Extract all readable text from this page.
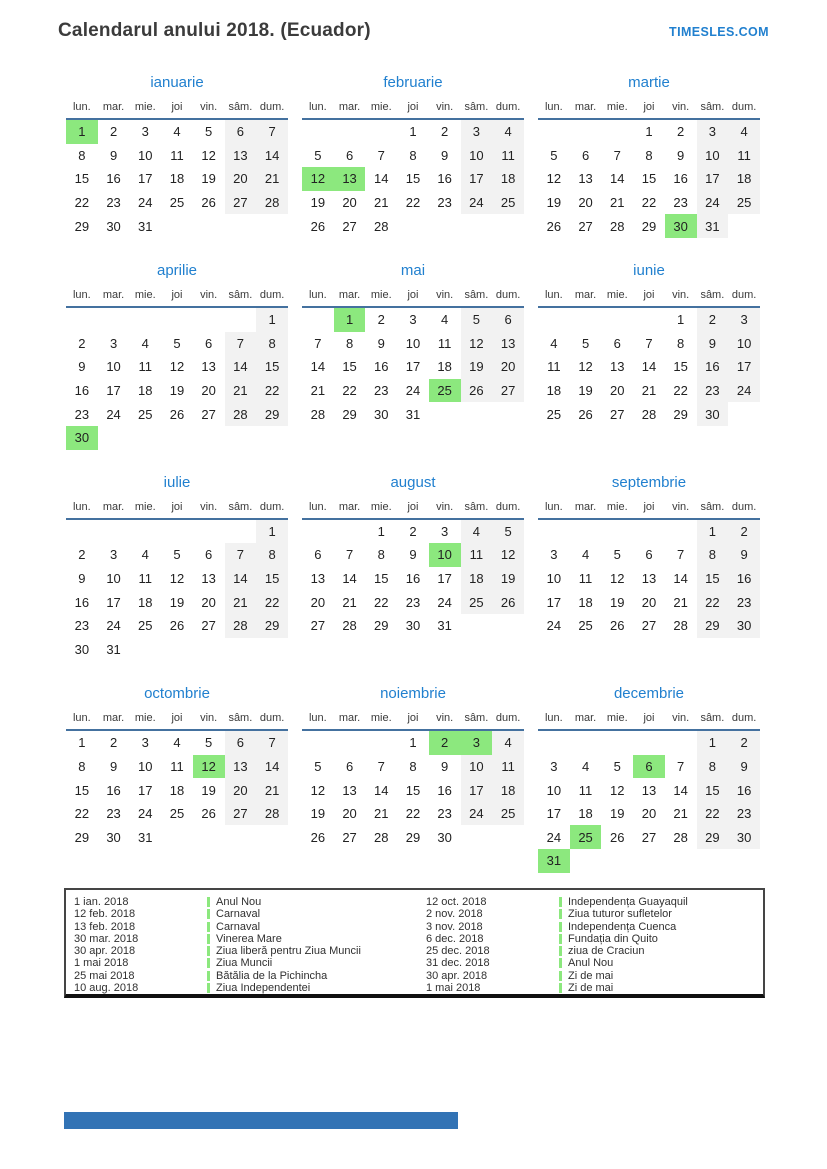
Calendarul anului 2018. (Ecuador)	TIMESLES.COM
ianuarie
lun.	mar.	mie.	joi	vin.	sâm.	dum.
1	2	3	4	5	6	7
8	9	10	11	12	13	14
15	16	17	18	19	20	21
22	23	24	25	26	27	28
29	30	31				
februarie
lun.	mar.	mie.	joi	vin.	sâm.	dum.
			1	2	3	4
5	6	7	8	9	10	11
12	13	14	15	16	17	18
19	20	21	22	23	24	25
26	27	28				
martie
lun.	mar.	mie.	joi	vin.	sâm.	dum.
			1	2	3	4
5	6	7	8	9	10	11
12	13	14	15	16	17	18
19	20	21	22	23	24	25
26	27	28	29	30	31	
aprilie
lun.	mar.	mie.	joi	vin.	sâm.	dum.
						1
2	3	4	5	6	7	8
9	10	11	12	13	14	15
16	17	18	19	20	21	22
23	24	25	26	27	28	29
30						
mai
lun.	mar.	mie.	joi	vin.	sâm.	dum.
	1	2	3	4	5	6
7	8	9	10	11	12	13
14	15	16	17	18	19	20
21	22	23	24	25	26	27
28	29	30	31			
iunie
lun.	mar.	mie.	joi	vin.	sâm.	dum.
				1	2	3
4	5	6	7	8	9	10
11	12	13	14	15	16	17
18	19	20	21	22	23	24
25	26	27	28	29	30	
iulie
lun.	mar.	mie.	joi	vin.	sâm.	dum.
						1
2	3	4	5	6	7	8
9	10	11	12	13	14	15
16	17	18	19	20	21	22
23	24	25	26	27	28	29
30	31					
august
lun.	mar.	mie.	joi	vin.	sâm.	dum.
		1	2	3	4	5
6	7	8	9	10	11	12
13	14	15	16	17	18	19
20	21	22	23	24	25	26
27	28	29	30	31		
septembrie
lun.	mar.	mie.	joi	vin.	sâm.	dum.
					1	2
3	4	5	6	7	8	9
10	11	12	13	14	15	16
17	18	19	20	21	22	23
24	25	26	27	28	29	30
octombrie
lun.	mar.	mie.	joi	vin.	sâm.	dum.
1	2	3	4	5	6	7
8	9	10	11	12	13	14
15	16	17	18	19	20	21
22	23	24	25	26	27	28
29	30	31				
noiembrie
lun.	mar.	mie.	joi	vin.	sâm.	dum.
			1	2	3	4
5	6	7	8	9	10	11
12	13	14	15	16	17	18
19	20	21	22	23	24	25
26	27	28	29	30		
decembrie
lun.	mar.	mie.	joi	vin.	sâm.	dum.
					1	2
3	4	5	6	7	8	9
10	11	12	13	14	15	16
17	18	19	20	21	22	23
24	25	26	27	28	29	30
31						
1 ian. 2018	Anul Nou
12 feb. 2018	Carnaval
13 feb. 2018	Carnaval
30 mar. 2018	Vinerea Mare
30 apr. 2018	Ziua liberă pentru Ziua Muncii
1 mai 2018	Ziua Muncii
25 mai 2018	Bătălia de la Pichincha
10 aug. 2018	Ziua Independentei
12 oct. 2018	Independența Guayaquil
2 nov. 2018	Ziua tuturor sufletelor
3 nov. 2018	Independența Cuenca
6 dec. 2018	Fundația din Quito
25 dec. 2018	ziua de Craciun
31 dec. 2018	Anul Nou
30 apr. 2018	Zi de mai
1 mai 2018	Zi de mai
